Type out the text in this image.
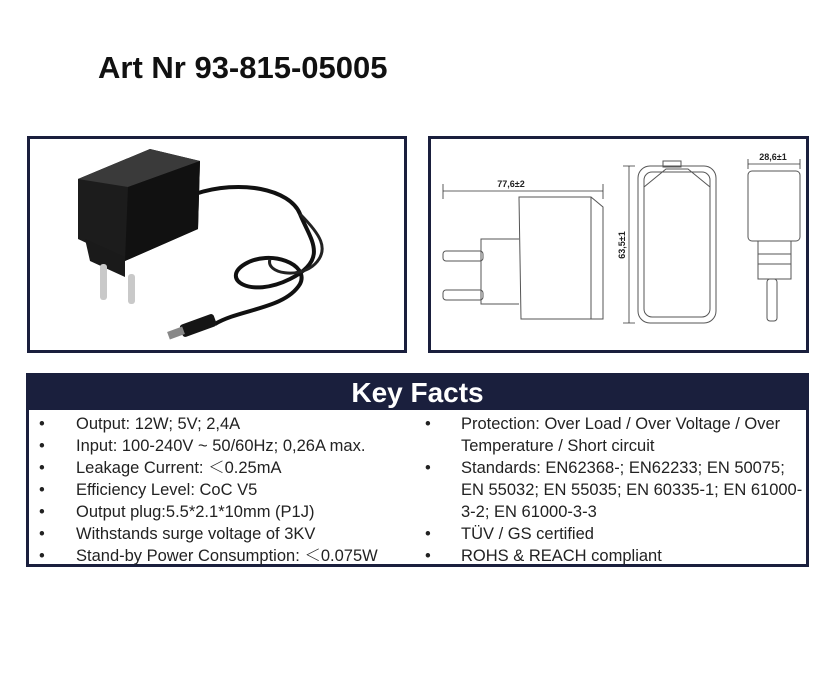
Art Nr 93-815-05005
77,6±2
63,5±1
28,6±1
Key Facts
• Output: 12W; 5V; 2,4A
• Input: 100-240V ~ 50/60Hz; 0,26A max.
• Leakage Current: ＜0.25mA
• Efficiency Level: CoC V5
• Output plug:5.5*2.1*10mm (P1J)
• Withstands surge voltage of 3KV
• Stand-by Power Consumption: ＜0.075W
• Protection: Over Load / Over Voltage / Over Temperature / Short circuit
• Standards: EN62368-; EN62233; EN 50075; EN 55032; EN 55035; EN 60335-1; EN 61000-3-2; EN 61000-3-3
• TÜV / GS certified
• ROHS & REACH compliant
